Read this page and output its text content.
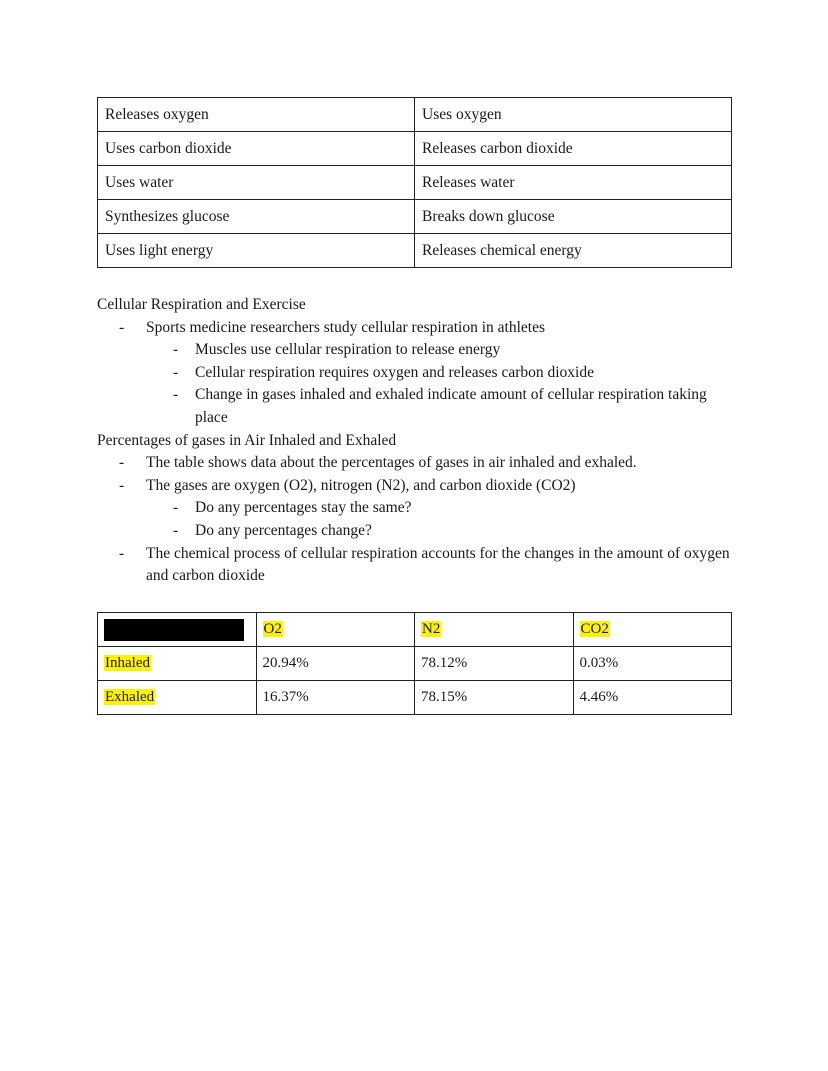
Releases oxygen	Uses oxygen
Uses carbon dioxide	Releases carbon dioxide
Uses water	Releases water
Synthesizes glucose	Breaks down glucose
Uses light energy	Releases chemical energy

Cellular Respiration and Exercise

- Sports medicine researchers study cellular respiration in athletes
- Muscles use cellular respiration to release energy
- Cellular respiration requires oxygen and releases carbon dioxide
- Change in gases inhaled and exhaled indicate amount of cellular respiration taking place

Percentages of gases in Air Inhaled and Exhaled

- The table shows data about the percentages of gases in air inhaled and exhaled.
- The gases are oxygen (O2), nitrogen (N2), and carbon dioxide (CO2)
- Do any percentages stay the same?
- Do any percentages change?
- The chemical process of cellular respiration accounts for the changes in the amount of oxygen and carbon dioxide
	O2	N2	CO2
Inhaled	20.94%	78.12%	0.03%
Exhaled	16.37%	78.15%	4.46%
